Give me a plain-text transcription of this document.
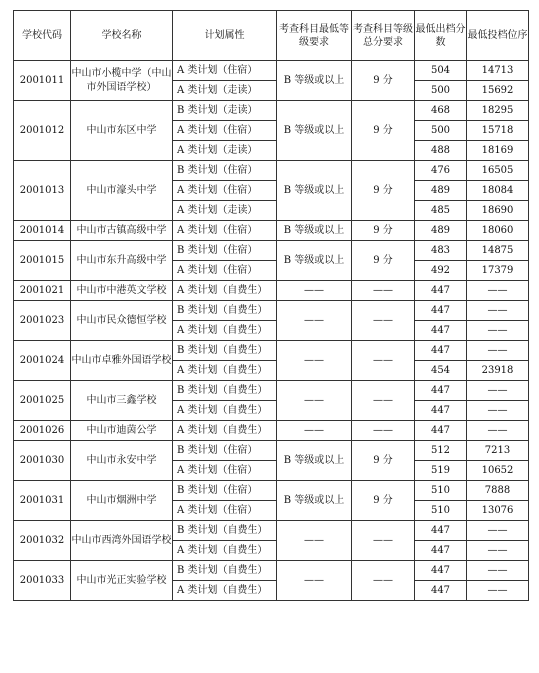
学校代码	学校名称	计划属性	考查科目最低等级要求	考查科目等级总分要求	最低出档分数	最低投档位序
2001011	中山市小榄中学（中山市外国语学校）	A 类计划（住宿）	B 等级或以上	9 分	504	14713
		A 类计划（走读）			500	15692
2001012	中山市东区中学	B 类计划（走读）	B 等级或以上	9 分	468	18295
		A 类计划（住宿）			500	15718
		A 类计划（走读）			488	18169
2001013	中山市濠头中学	B 类计划（住宿）	B 等级或以上	9 分	476	16505
		A 类计划（住宿）			489	18084
		A 类计划（走读）			485	18690
2001014	中山市古镇高级中学	A 类计划（住宿）	B 等级或以上	9 分	489	18060
2001015	中山市东升高级中学	B 类计划（住宿）	B 等级或以上	9 分	483	14875
		A 类计划（住宿）			492	17379
2001021	中山市中港英文学校	A 类计划（自费生）	——	——	447	——
2001023	中山市民众德恒学校	B 类计划（自费生）	——	——	447	——
		A 类计划（自费生）			447	——
2001024	中山市卓雅外国语学校	B 类计划（自费生）	——	——	447	——
		A 类计划（自费生）			454	23918
2001025	中山市三鑫学校	B 类计划（自费生）	——	——	447	——
		A 类计划（自费生）			447	——
2001026	中山市迪茵公学	A 类计划（自费生）	——	——	447	——
2001030	中山市永安中学	B 类计划（住宿）	B 等级或以上	9 分	512	7213
		A 类计划（住宿）			519	10652
2001031	中山市烟洲中学	B 类计划（住宿）	B 等级或以上	9 分	510	7888
		A 类计划（住宿）			510	13076
2001032	中山市西湾外国语学校	B 类计划（自费生）	——	——	447	——
		A 类计划（自费生）			447	——
2001033	中山市光正实验学校	B 类计划（自费生）	——	——	447	——
		A 类计划（自费生）			447	——
